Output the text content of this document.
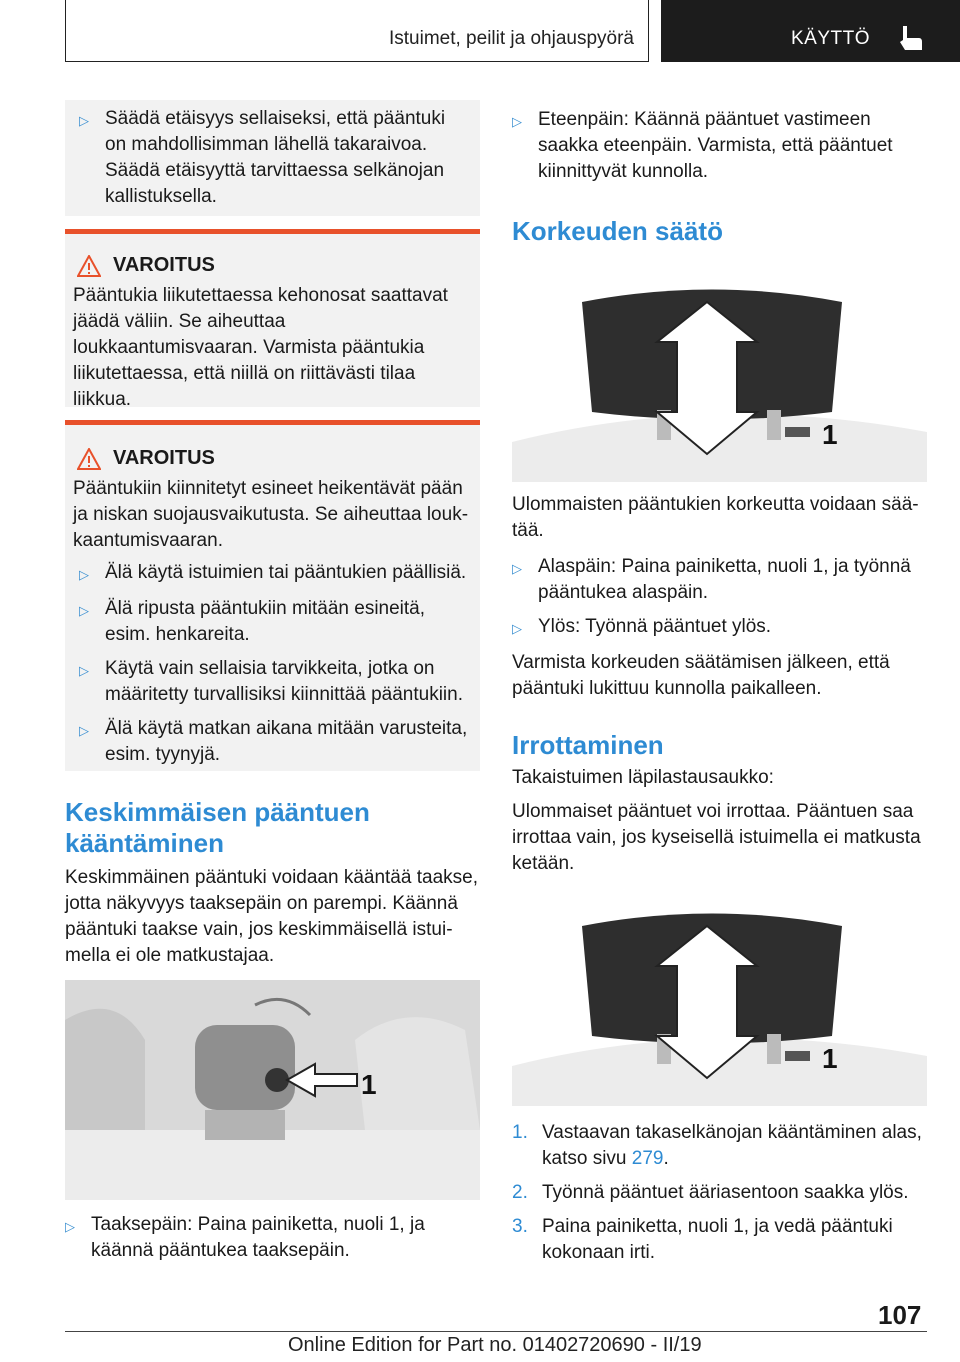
Istuimet, peilit ja ohjauspyörä	KÄYTTÖ
▷ Säädä etäisyys sellaiseksi, että pääntuki on mahdollisimman lähellä takaraivoa. Säädä etäisyyttä tarvittaessa selkänojan kallistuksella.
VAROITUS

Pääntukia liikutettaessa kehonosat saattavat jäädä väliin. Se aiheuttaa loukkaantumisvaaran. Varmista pääntukia liikutettaessa, että niillä on riittävästi tilaa liikkua.

VAROITUS

Pääntukiin kiinnitetyt esineet heikentävät pään ja niskan suojausvaikutusta. Se aiheuttaa loukkaantumisvaaran.

▷ Älä käytä istuimien tai pääntukien päällisiä.
▷ Älä ripusta pääntukiin mitään esineitä, esim. henkareita.
▷ Käytä vain sellaisia tarvikkeita, jotka on määritetty turvallisiksi kiinnittää pääntukiin.
▷ Älä käytä matkan aikana mitään varusteita, esim. tyynyjä.
Keskimmäisen pääntuen kääntäminen

Keskimmäinen pääntuki voidaan kääntää taakse, jotta näkyvyys taaksepäin on parempi. Käännä pääntuki taakse vain, jos keskimmäisellä istuimella ei ole matkustajaa.

1
▷ Taaksepäin: Paina painiketta, nuoli 1, ja käännä pääntukea taaksepäin.
▷ Eteenpäin: Käännä pääntuet vastimeen saakka eteenpäin. Varmista, että pääntuet kiinnittyvät kunnolla.
Korkeuden säätö
1

Ulommaisten pääntukien korkeutta voidaan säätää.

▷ Alaspäin: Paina painiketta, nuoli 1, ja työnnä pääntukea alaspäin.
▷ Ylös: Työnnä pääntuet ylös.

Varmista korkeuden säätämisen jälkeen, että pääntuki lukittuu kunnolla paikalleen.

Irrottaminen

Takaistuimen läpilastausaukko:

Ulommaiset pääntuet voi irrottaa. Pääntuen saa irrottaa vain, jos kyseisellä istuimella ei matkusta ketään.

1
1. Vastaavan takaselkänojan kääntäminen alas, katso sivu 279.
2. Työnnä pääntuet ääriasentoon saakka ylös.
3. Paina painiketta, nuoli 1, ja vedä pääntuki kokonaan irti.
107
Online Edition for Part no. 01402720690 - II/19
